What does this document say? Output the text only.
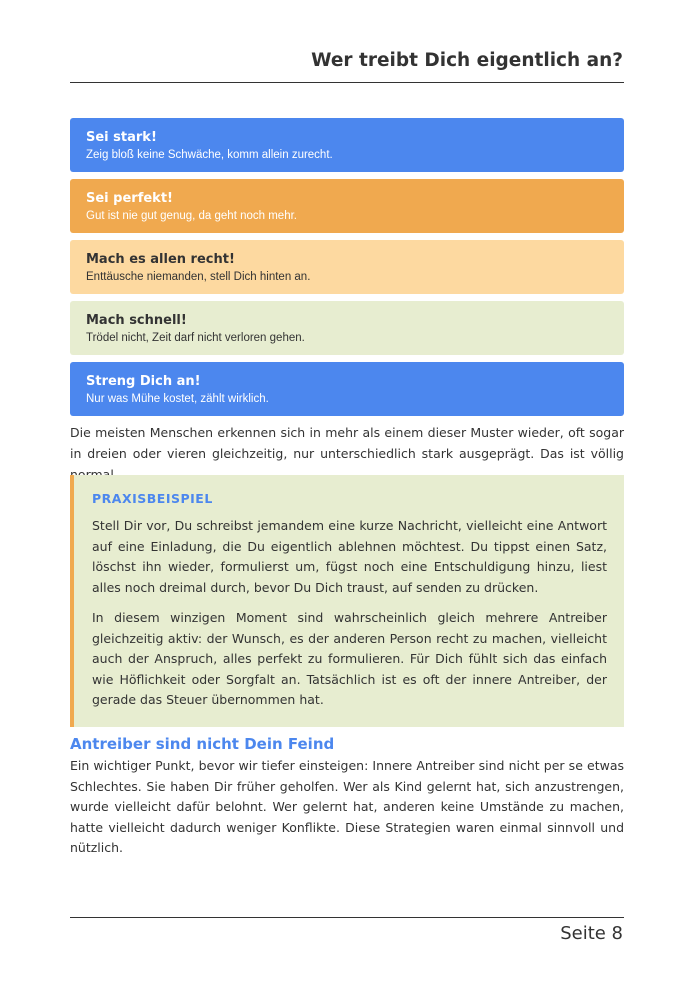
Wer treibt Dich eigentlich an?
Sei stark!
Zeig bloß keine Schwäche, komm allein zurecht.
Sei perfekt!
Gut ist nie gut genug, da geht noch mehr.
Mach es allen recht!
Enttäusche niemanden, stell Dich hinten an.
Mach schnell!
Trödel nicht, Zeit darf nicht verloren gehen.
Streng Dich an!
Nur was Mühe kostet, zählt wirklich.

Die meisten Menschen erkennen sich in mehr als einem dieser Muster wieder, oft sogar in dreien oder vieren gleichzeitig, nur unterschiedlich stark ausgeprägt. Das ist völlig

PRAXISBEISPIEL

Stell Dir vor, Du schreibst jemandem eine kurze Nachricht, vielleicht eine Antwort auf eine Einladung, die Du eigentlich ablehnen möchtest. Du tippst einen Satz, löschst ihn wieder, formulierst um, fügst noch eine Entschuldigung hinzu, liest alles noch dreimal durch, bevor Du Dich traust, auf senden zu drücken.

In diesem winzigen Moment sind wahrscheinlich gleich mehrere Antreiber gleichzeitig aktiv: der Wunsch, es der anderen Person recht zu machen, vielleicht auch der Anspruch, alles perfekt zu formulieren. Für Dich fühlt sich das einfach wie Höflichkeit oder Sorgfalt an. Tatsächlich ist es oft der innere Antreiber, der gerade das Steuer übernommen hat.

Antreiber sind nicht Dein Feind

Ein wichtiger Punkt, bevor wir tiefer einsteigen: Innere Antreiber sind nicht per se etwas Schlechtes. Sie haben Dir früher geholfen. Wer als Kind gelernt hat, sich anzustrengen, wurde vielleicht dafür belohnt. Wer gelernt hat, anderen keine Umstände zu machen, hatte vielleicht dadurch weniger Konflikte. Diese Strategien waren einmal sinnvoll und nützlich.

Seite 8
